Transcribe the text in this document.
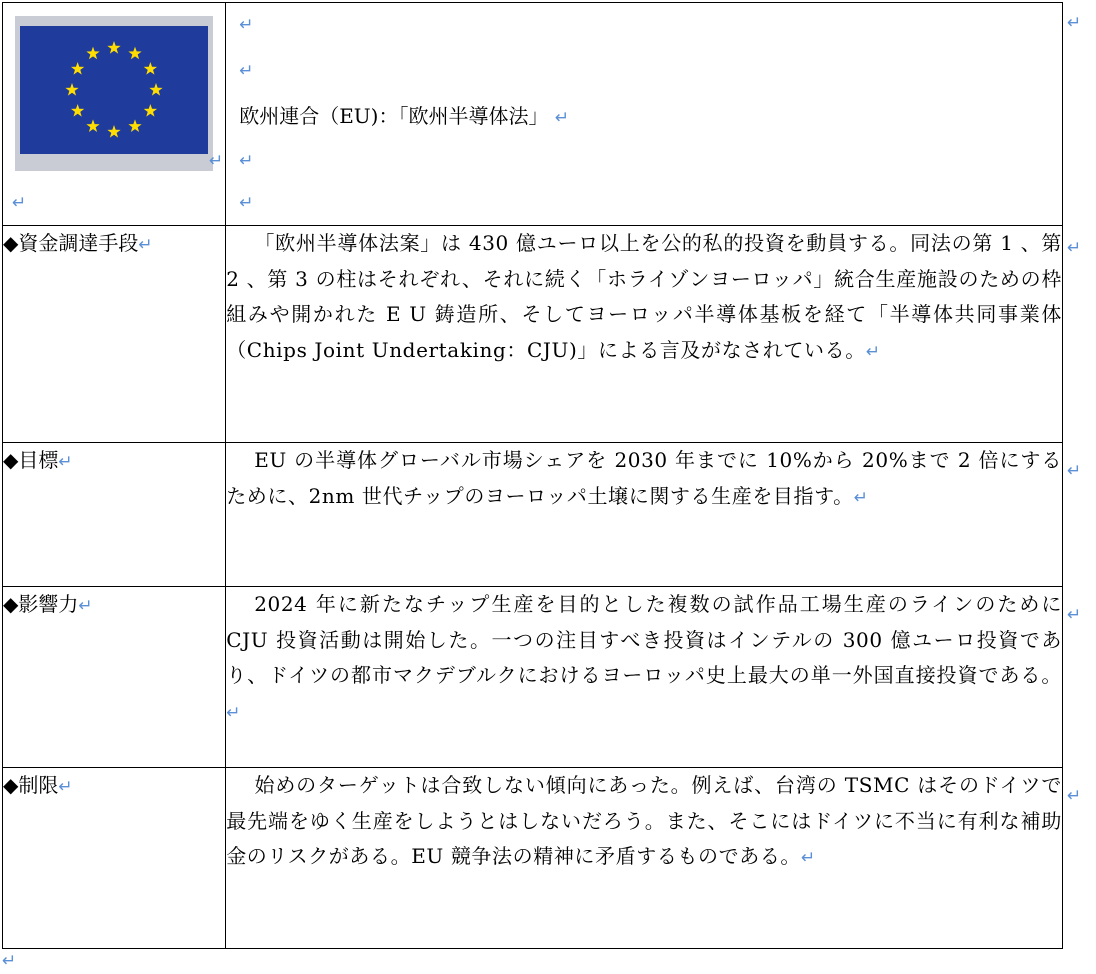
↵
↵	↵
↵
欧州連合（EU)：「欧州半導体法」 ↵
↵
↵

◆資金調達手段↵	「欧州半導体法案」は 430 億ユーロ以上を公的私的投資を動員する。同法の第 1 、第 2 、第 3 の柱はそれぞれ、それに続く「ホライゾンヨーロッパ」統合生産施設のための枠組みや開かれた E U 鋳造所、そしてヨーロッパ半導体基板を経て「半導体共同事業体（Chips Joint Undertaking：CJU)」による言及がなされている。↵
◆目標↵	EU の半導体グローバル市場シェアを 2030 年までに 10%から 20%まで 2 倍にするために、2nm 世代チップのヨーロッパ土壌に関する生産を目指す。↵
◆影響力↵	2024 年に新たなチップ生産を目的とした複数の試作品工場生産のラインのために CJU 投資活動は開始した。一つの注目すべき投資はインテルの 300 億ユーロ投資であり、ドイツの都市マクデブルクにおけるヨーロッパ史上最大の単一外国直接投資である。↵
◆制限↵	始めのターゲットは合致しない傾向にあった。例えば、台湾の TSMC はそのドイツで最先端をゆく生産をしようとはしないだろう。また、そこにはドイツに不当に有利な補助金のリスクがある。EU 競争法の精神に矛盾するものである。↵
↵
↵
↵
↵
↵
↵
